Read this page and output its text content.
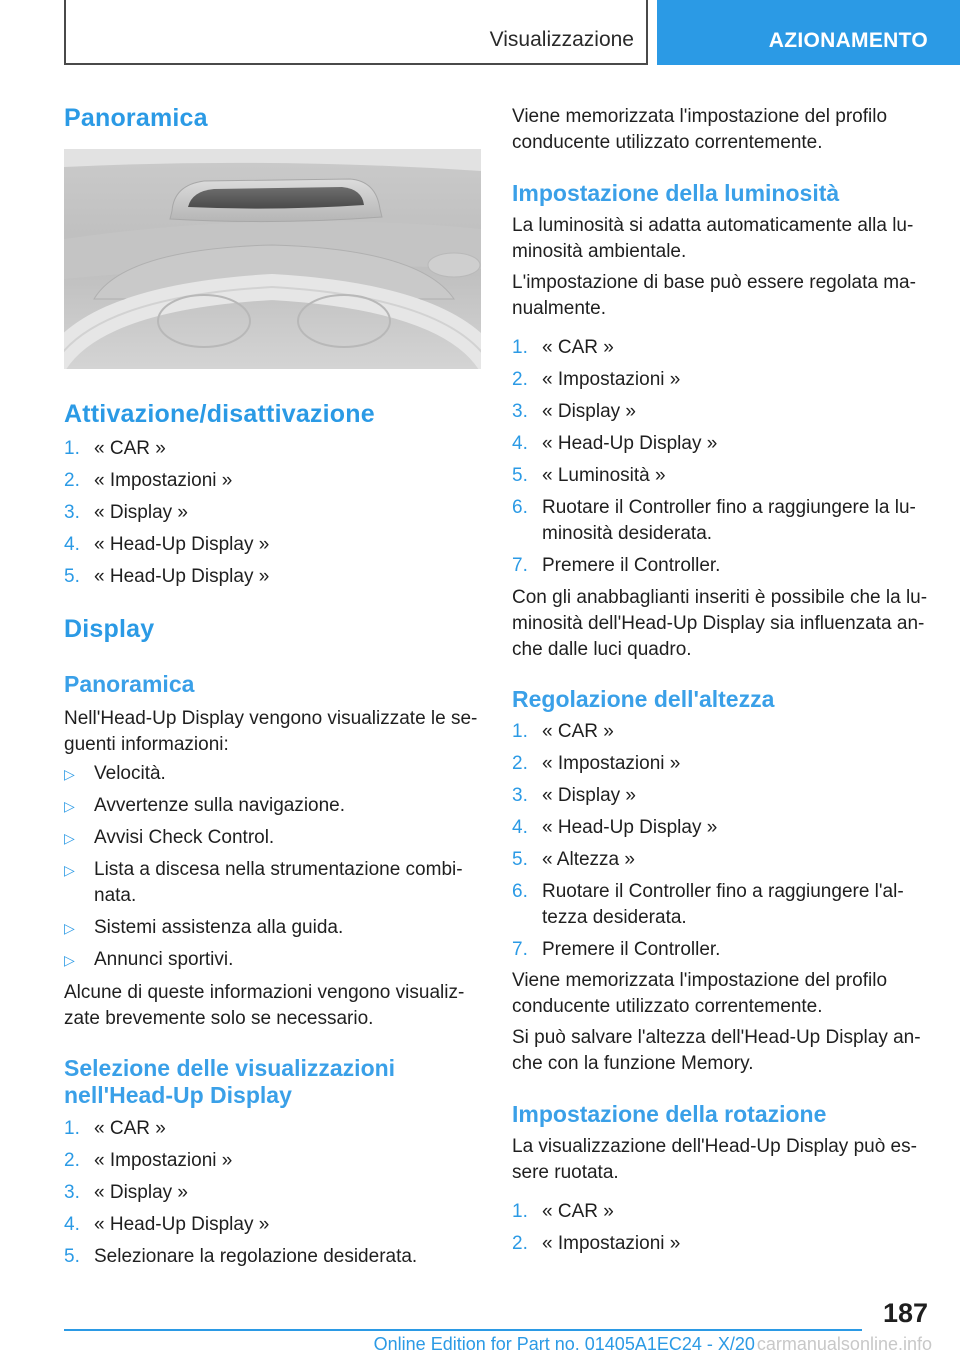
Visualizzazione	AZIONAMENTO
Panoramica
Attivazione/disattivazione
1. « CAR »
2. « Impostazioni »
3. « Display »
4. « Head-Up Display »
5. « Head-Up Display »
Display
Panoramica
Nell'Head-Up Display vengono visualizzate le se-guenti informazioni:
▷ Velocità.
▷ Avvertenze sulla navigazione.
▷ Avvisi Check Control.
▷ Lista a discesa nella strumentazione combi-nata.
▷ Sistemi assistenza alla guida.
▷ Annunci sportivi.
Alcune di queste informazioni vengono visualiz-zate brevemente solo se necessario.
Selezione delle visualizzazioni nell'Head-Up Display
1. « CAR »
2. « Impostazioni »
3. « Display »
4. « Head-Up Display »
5. Selezionare la regolazione desiderata.
Viene memorizzata l'impostazione del profilo conducente utilizzato correntemente.
Impostazione della luminosità
La luminosità si adatta automaticamente alla lu-minosità ambientale.
L'impostazione di base può essere regolata ma-nualmente.
1. « CAR »
2. « Impostazioni »
3. « Display »
4. « Head-Up Display »
5. « Luminosità »
6. Ruotare il Controller fino a raggiungere la lu-minosità desiderata.
7. Premere il Controller.
Con gli anabbaglianti inseriti è possibile che la lu-minosità dell'Head-Up Display sia influenzata an-che dalle luci quadro.
Regolazione dell'altezza
1. « CAR »
2. « Impostazioni »
3. « Display »
4. « Head-Up Display »
5. « Altezza »
6. Ruotare il Controller fino a raggiungere l'al-tezza desiderata.
7. Premere il Controller.
Viene memorizzata l'impostazione del profilo conducente utilizzato correntemente.
Si può salvare l'altezza dell'Head-Up Display an-che con la funzione Memory.
Impostazione della rotazione
La visualizzazione dell'Head-Up Display può es-sere ruotata.
1. « CAR »
2. « Impostazioni »
187
Online Edition for Part no. 01405A1EC24 - X/20 carmanualsonline.info
